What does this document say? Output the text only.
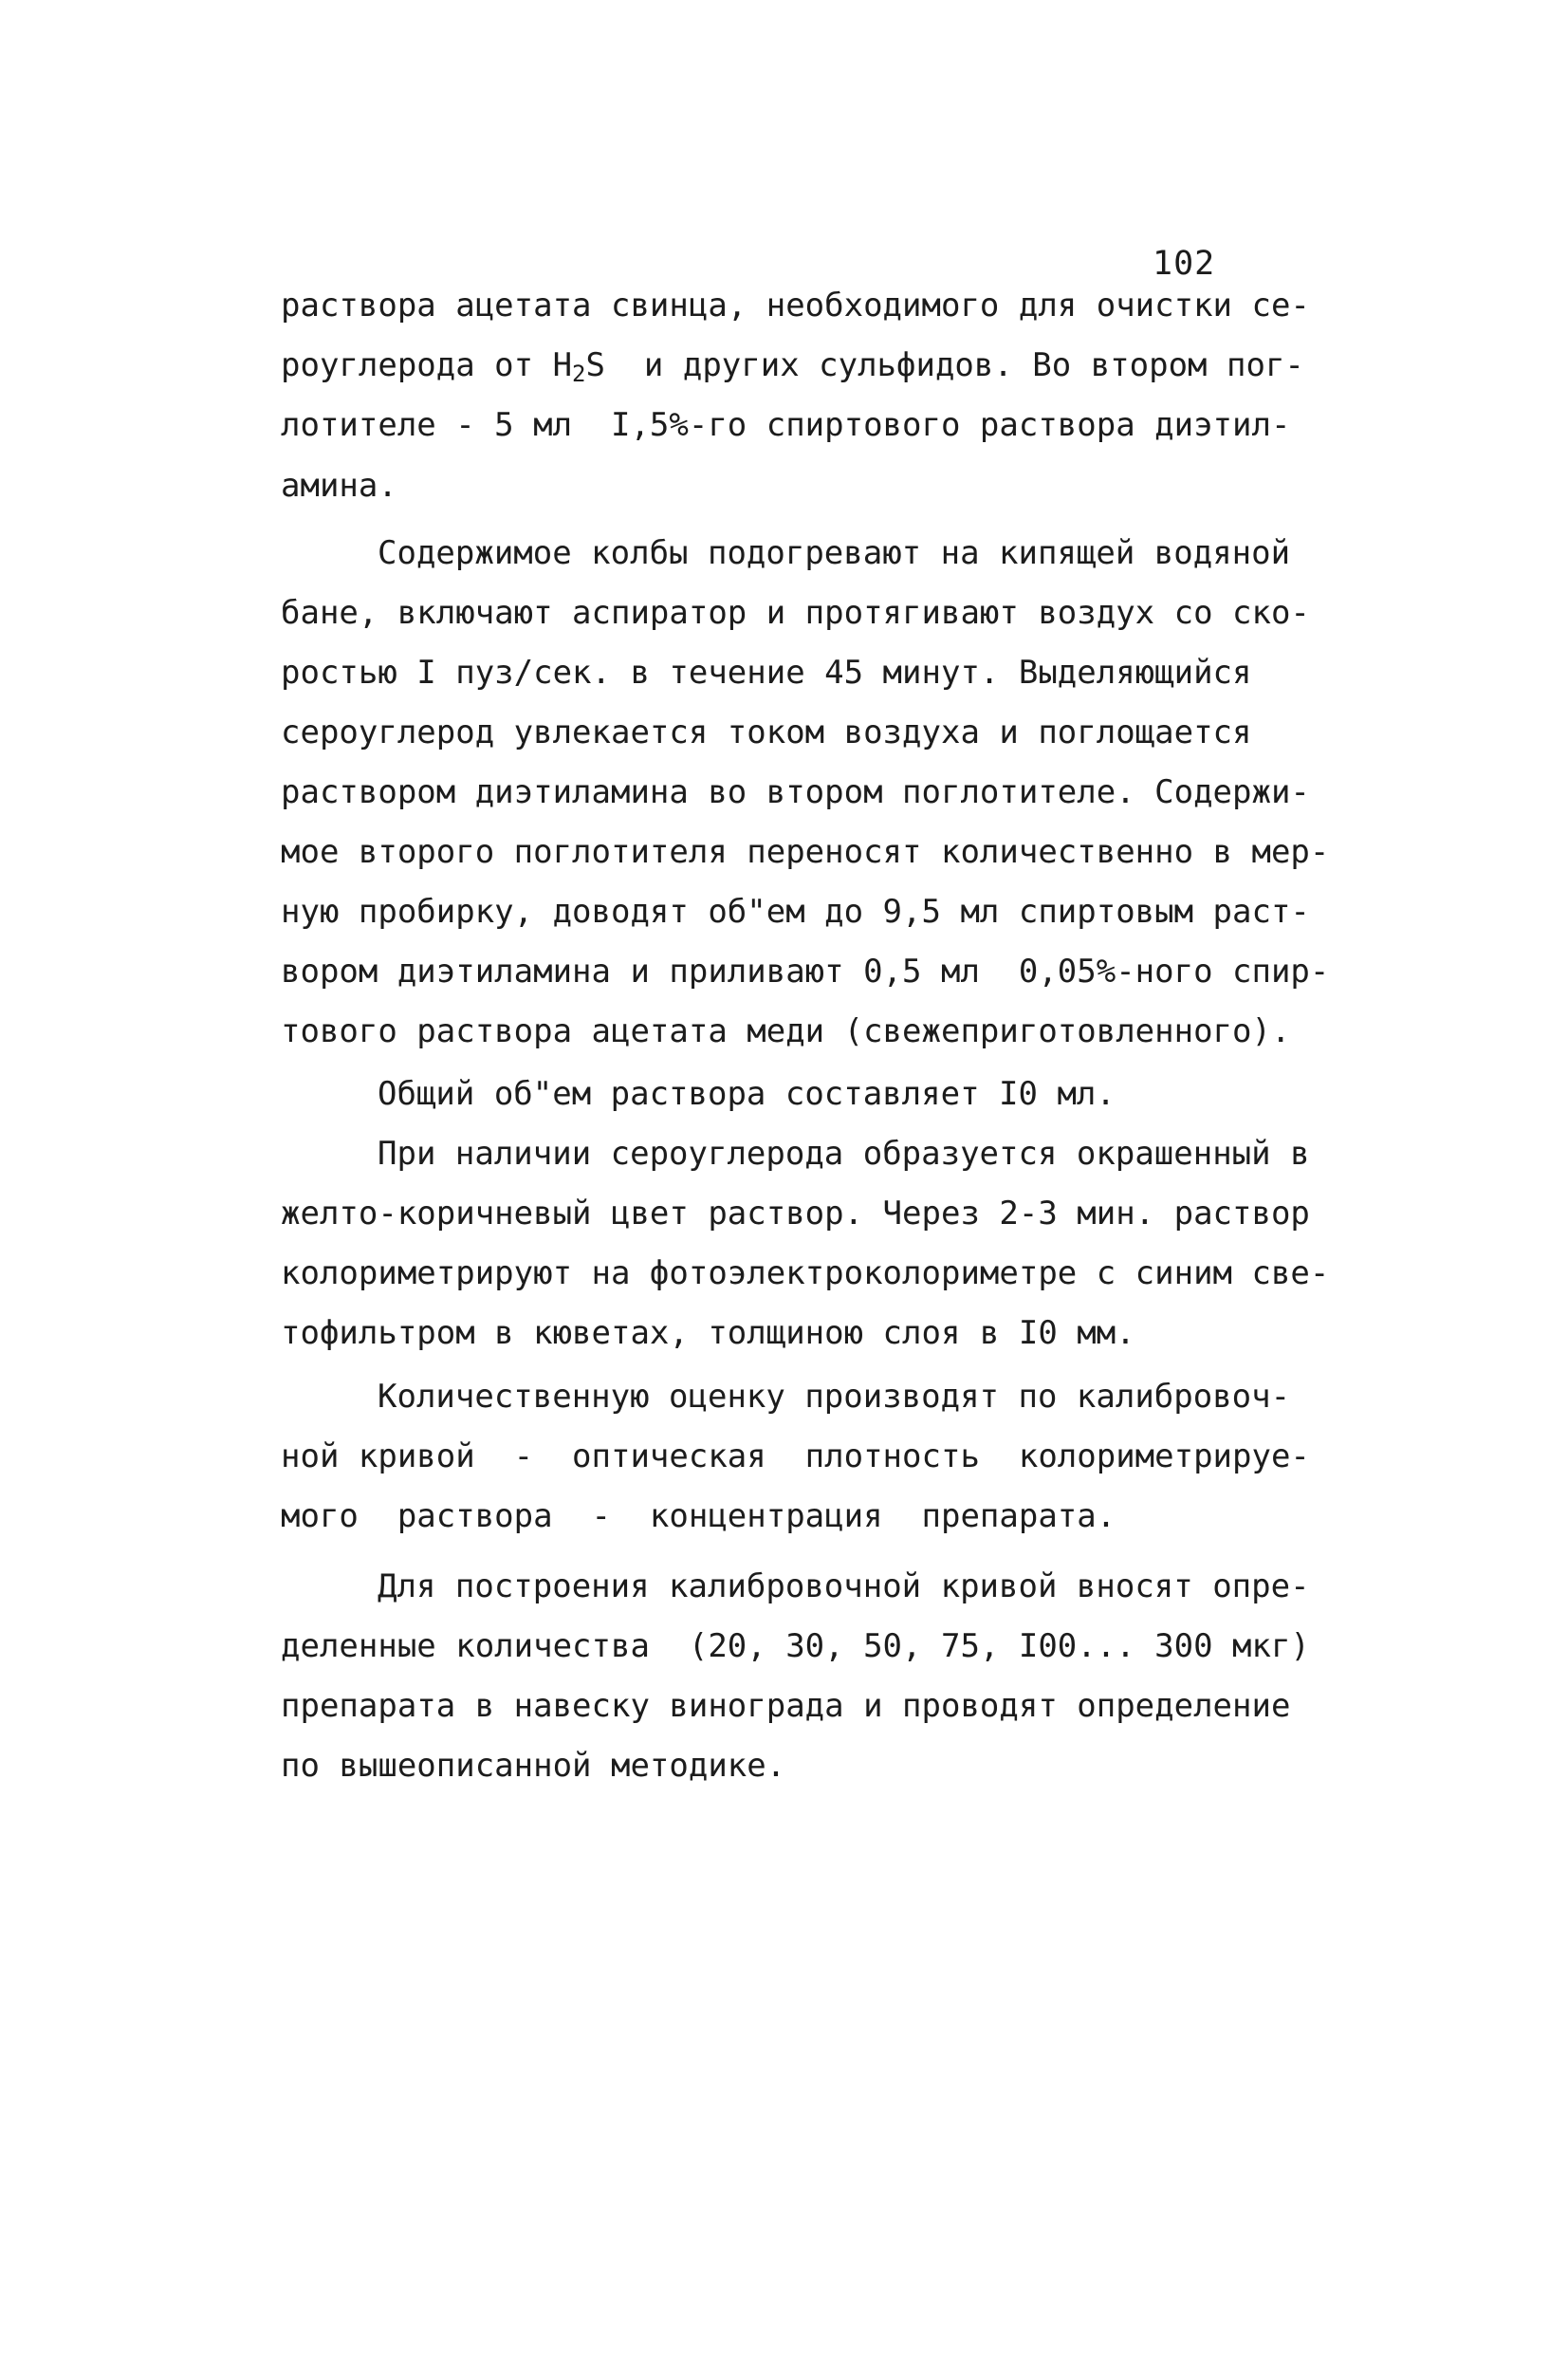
102
раствора ацетата свинца, необходимого для очистки се-
роуглерода от $H_2S$  и других сульфидов. Во втором пог-
лотителе - 5 мл  I,5%-го спиртового раствора диэтил-
амина.
Содержимое колбы подогревают на кипящей водяной
бане, включают аспиратор и протягивают воздух со ско-
ростью I пуз/сек. в течение 45 минут. Выделяющийся
сероуглерод увлекается током воздуха и поглощается
раствором диэтиламина во втором поглотителе. Содержи-
мое второго поглотителя переносят количественно в мер-
ную пробирку, доводят об"ем до 9,5 мл спиртовым раст-
вором диэтиламина и приливают 0,5 мл  0,05%-ного спир-
тового раствора ацетата меди (свежеприготовленного).
Общий об"ем раствора составляет I0 мл.
При наличии сероуглерода образуется окрашенный в
желто-коричневый цвет раствор. Через 2-3 мин. раствор
колориметрируют на фотоэлектроколориметре с синим све-
тофильтром в кюветах, толщиною слоя в I0 мм.
Количественную оценку производят по калибровоч-
ной кривой  -  оптическая  плотность  колориметрируе-
мого  раствора  -  концентрация  препарата.
Для построения калибровочной кривой вносят опре-
деленные количества  (20, 30, 50, 75, I00... 300 мкг)
препарата в навеску винограда и проводят определение
по вышеописанной методике.
